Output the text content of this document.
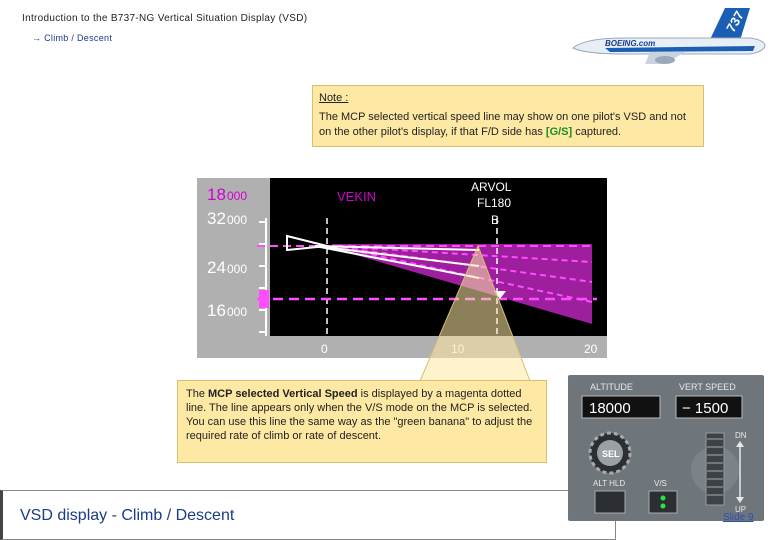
Introduction to the B737-NG Vertical Situation Display (VSD)
→ Climb / Descent
737
BOEING.com
Note :
The MCP selected vertical speed line may show on one pilot's VSD and not on the other pilot's display, if that F/D side has [G/S] captured.
18 000
32 000
24 000
16 000
VEKIN
ARVOL
FL180
B
0	20
The MCP selected Vertical Speed is displayed by a magenta dotted line. The line appears only when the V/S mode on the MCP is selected.
You can use this line the same way as the "green banana" to adjust the required rate of climb or rate of descent.
VSD display - Climb / Descent
ALTITUDE	VERT SPEED
18000	− 1500
SEL
ALT HLD	V/S
DN
UP
Slide 9
